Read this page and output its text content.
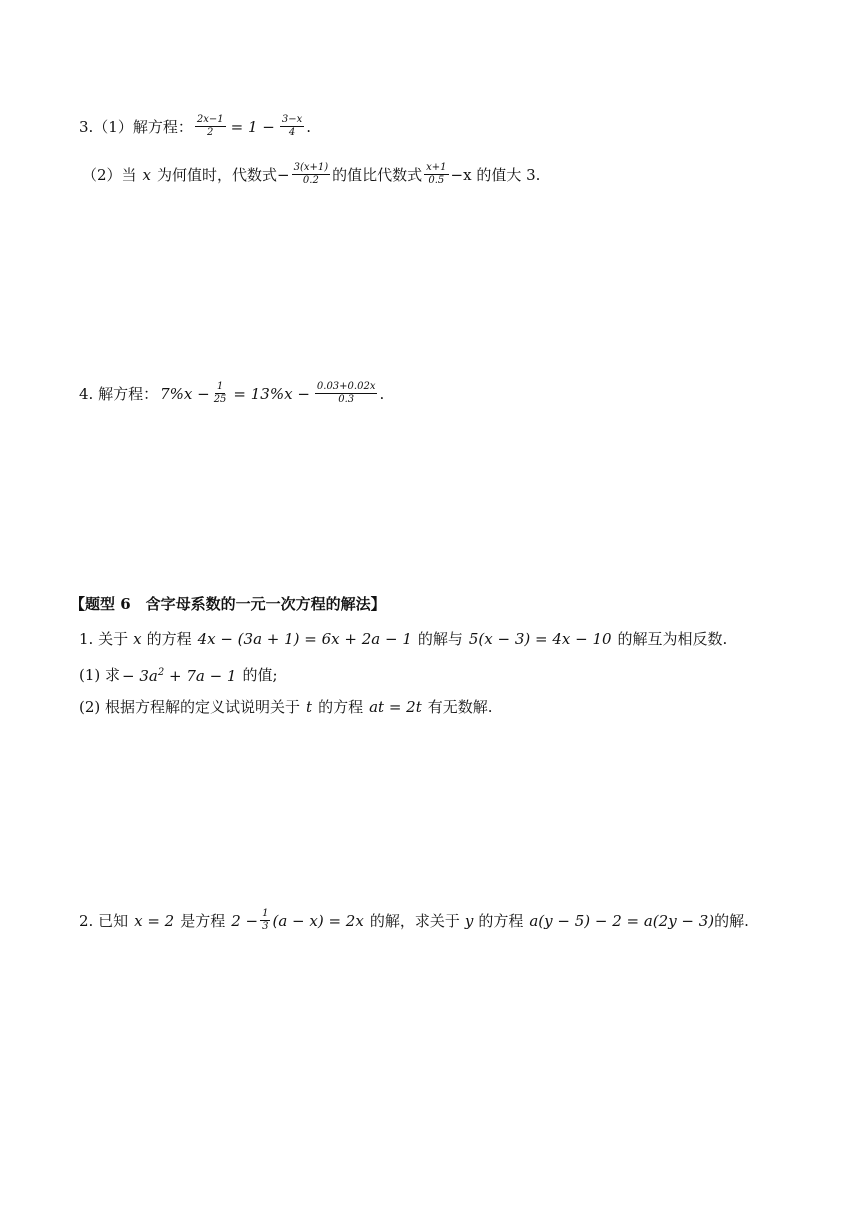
3.（1）解方程： $\frac{2x-1}{2} = 1 - \frac{3-x}{4}$ .
（2）当 x 为何值时，代数式− $\frac{3(x+1)}{0.2}$ 的值比代数式 $\frac{x+1}{0.5} -x$ 的值大 3.
4. 解方程： $7\%x - \frac{1}{25} = 13\%x - \frac{0.03+0.02x}{0.3}$ .
【题型 6　含字母系数的一元一次方程的解法】
1. 关于 x 的方程 4x − (3a + 1) = 6x + 2a − 1 的解与 5(x − 3) = 4x − 10 的解互为相反数.
(1) 求 − $3a^2 + 7a - 1$ 的值;
(2) 根据方程解的定义试说明关于 t 的方程 at = 2t 有无数解.
2. 已知 x = 2 是方程 $2 - \frac{1}{3} (a - x) = 2x$ 的解，求关于 y 的方程 a(y − 5) − 2 = a(2y − 3) 的解.
